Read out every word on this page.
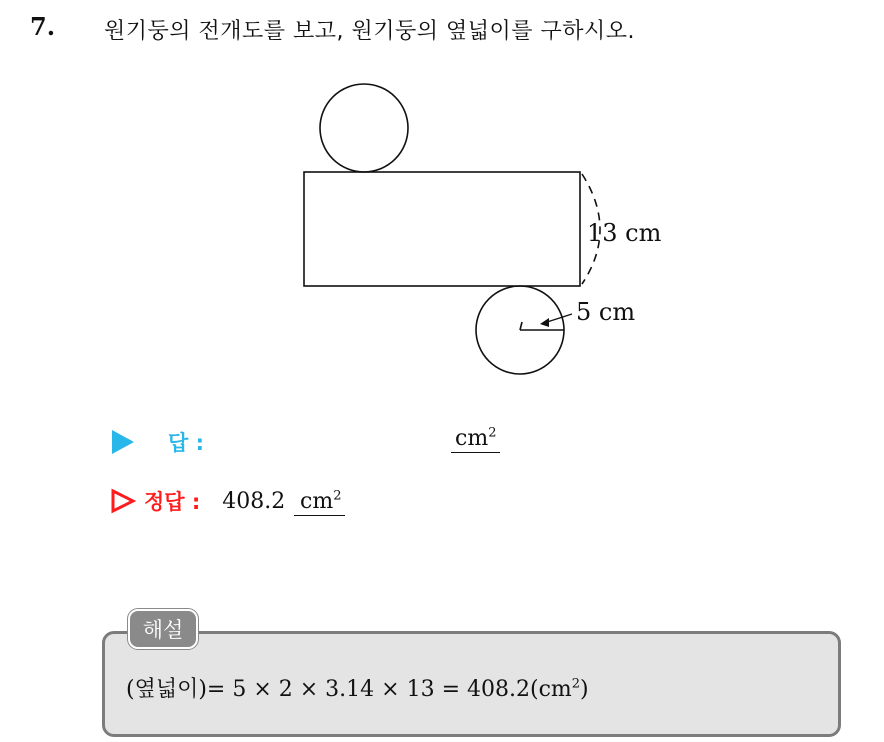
7. 원기둥의 전개도를 보고, 원기둥의 옆넓이를 구하시오.
13 cm
5 cm
답 :	$cm^2$
정답 : 408.2 $cm^2$
해설
(옆넓이)= $5 \times 2 \times 3.14 \times 13 = 408.2(cm^2)$
